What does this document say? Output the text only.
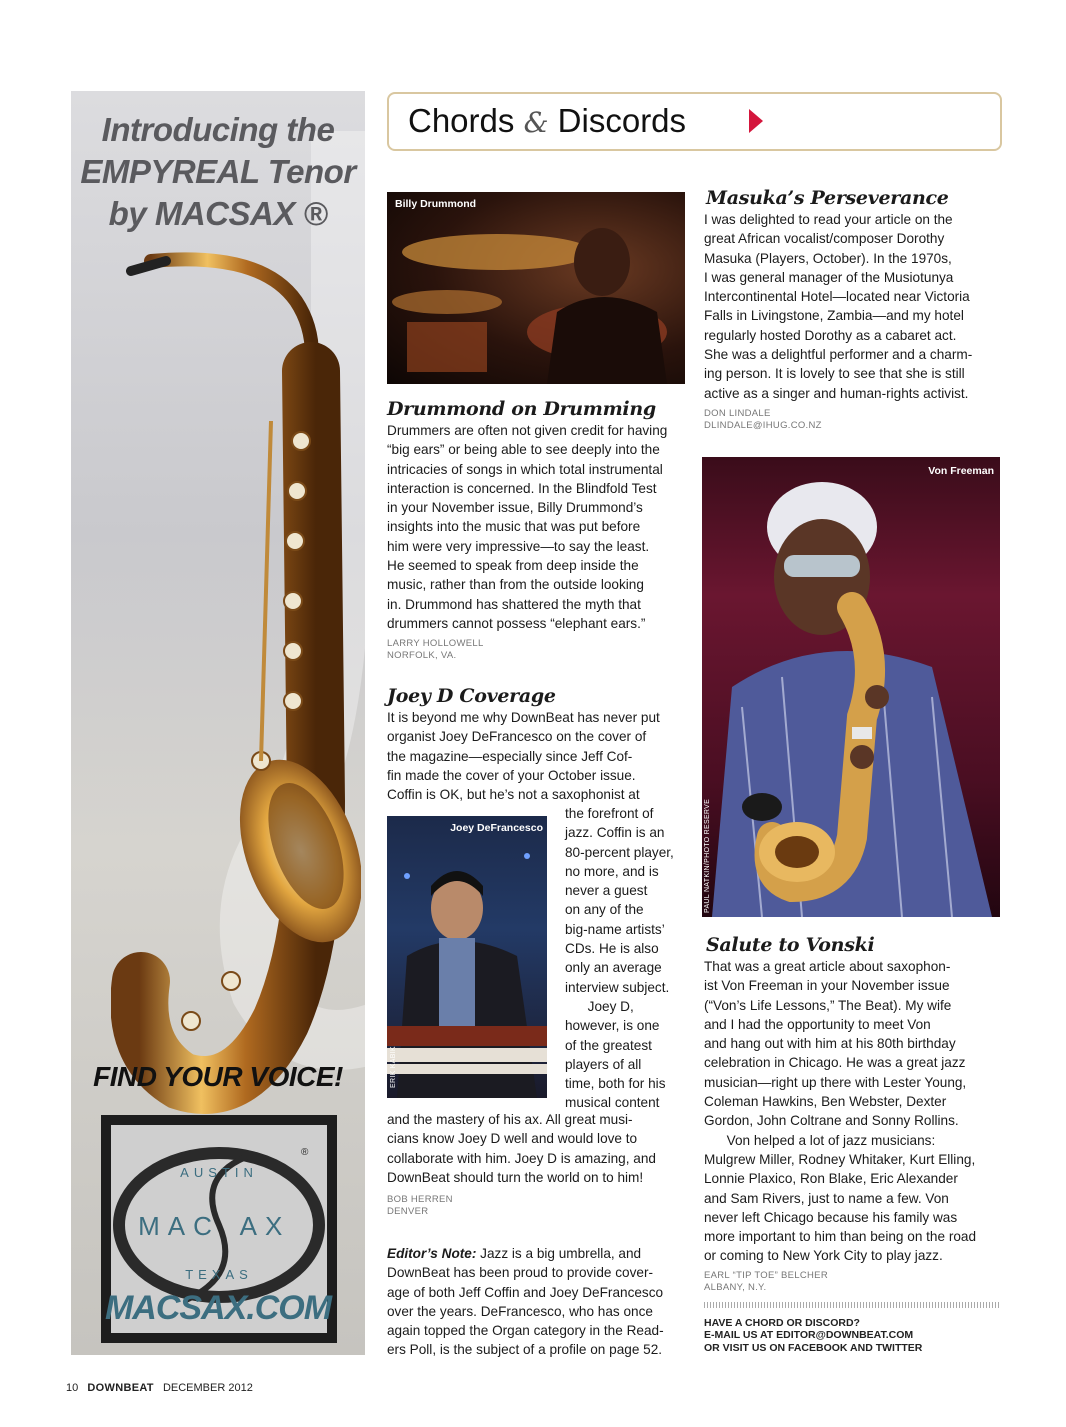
Introducing the
EMPYREAL Tenor
by MACSAX ®
FIND YOUR VOICE!
AUSTIN
MAC AX
TEXAS
®
MACSAX.COM
Chords & Discords
Billy Drummond
Drummond on Drumming

Drummers are often not given credit for having

“big ears” or being able to see deeply into the

intricacies of songs in which total instrumental

interaction is concerned. In the Blindfold Test

in your November issue, Billy Drummond’s

insights into the music that was put before

him were very impressive—to say the least.

He seemed to speak from deep inside the

music, rather than from the outside looking

in. Drummond has shattered the myth that

drummers cannot possess “elephant ears.”

LARRY HOLLOWELL
NORFOLK, VA.
Joey D Coverage

It is beyond me why DownBeat has never put

organist Joey DeFrancesco on the cover of

the magazine—especially since Jeff Cof-

fin made the cover of your October issue.

Coffin is OK, but he’s not a saxophonist at

Joey DeFrancesco
ERIK KABIK

the forefront of

jazz. Coffin is an

80-percent player,

no more, and is

never a guest

on any of the

big-name artists’

CDs. He is also

only an average

interview subject.

Joey D,

however, is one

of the greatest

players of all

time, both for his

musical content

and the mastery of his ax. All great musi-

cians know Joey D well and would love to

collaborate with him. Joey D is amazing, and

DownBeat should turn the world on to him!

BOB HERREN
DENVER

Editor’s Note: Jazz is a big umbrella, and

DownBeat has been proud to provide cover-

age of both Jeff Coffin and Joey DeFrancesco

over the years. DeFrancesco, who has once

again topped the Organ category in the Read-

ers Poll, is the subject of a profile on page 52.

Masuka’s Perseverance

I was delighted to read your article on the

great African vocalist/composer Dorothy

Masuka (Players, October). In the 1970s,

I was general manager of the Musiotunya

Intercontinental Hotel—located near Victoria

Falls in Livingstone, Zambia—and my hotel

regularly hosted Dorothy as a cabaret act.

She was a delightful performer and a charm-

ing person. It is lovely to see that she is still

active as a singer and human-rights activist.

DON LINDALE
DLINDALE@IHUG.CO.NZ
Von Freeman
PAUL NATKIN/PHOTO RESERVE
Salute to Vonski

That was a great article about saxophon-

ist Von Freeman in your November issue

(“Von’s Life Lessons,” The Beat). My wife

and I had the opportunity to meet Von

and hang out with him at his 80th birthday

celebration in Chicago. He was a great jazz

musician—right up there with Lester Young,

Coleman Hawkins, Ben Webster, Dexter

Gordon, John Coltrane and Sonny Rollins.

Von helped a lot of jazz musicians:

Mulgrew Miller, Rodney Whitaker, Kurt Elling,

Lonnie Plaxico, Ron Blake, Eric Alexander

and Sam Rivers, just to name a few. Von

never left Chicago because his family was

more important to him than being on the road

or coming to New York City to play jazz.

EARL “TIP TOE” BELCHER
ALBANY, N.Y.
HAVE A CHORD OR DISCORD?
E-MAIL US AT EDITOR@DOWNBEAT.COM
OR VISIT US ON FACEBOOK AND TWITTER
10 DOWNBEAT DECEMBER 2012
